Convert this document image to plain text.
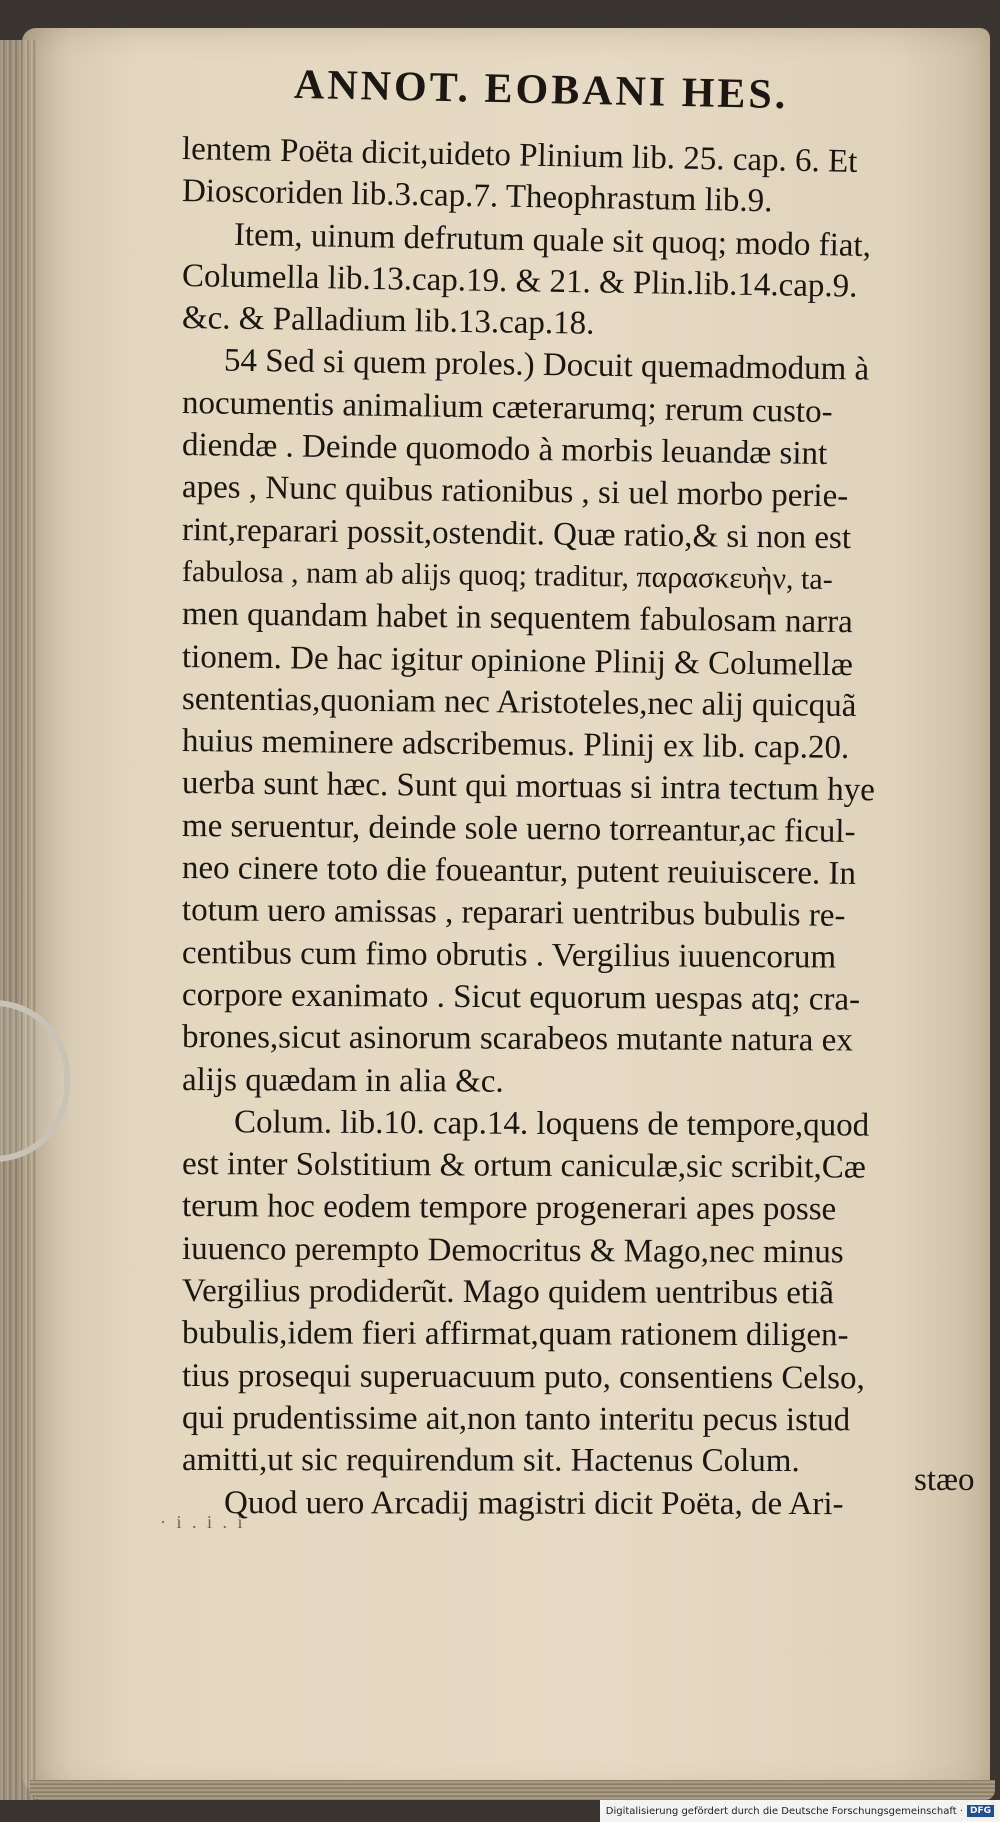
ANNOT. EOBANI HES.
lentem Poëta dicit,uideto Plinium lib. 25. cap. 6. Et
Dioscoriden lib.3.cap.7. Theophrastum lib.9.
Item, uinum defrutum quale sit quoq; modo fiat,
Columella lib.13.cap.19. & 21. & Plin.lib.14.cap.9.
&c. & Palladium lib.13.cap.18.
54 Sed si quem proles.) Docuit quemadmodum à
nocumentis animalium cæterarumq; rerum custo-
diendæ . Deinde quomodo à morbis leuandæ sint
apes , Nunc quibus rationibus , si uel morbo perie-
rint,reparari possit,ostendit. Quæ ratio,& si non est
fabulosa , nam ab alijs quoq; traditur, παρασκευὴν, ta-
men quandam habet in sequentem fabulosam narra
tionem. De hac igitur opinione Plinij & Columellæ
sententias,quoniam nec Aristoteles,nec alij quicquã
huius meminere adscribemus. Plinij ex lib. cap.20.
uerba sunt hæc. Sunt qui mortuas si intra tectum hye
me seruentur, deinde sole uerno torreantur,ac ficul-
neo cinere toto die foueantur, putent reuiuiscere. In
totum uero amissas , reparari uentribus bubulis re-
centibus cum fimo obrutis . Vergilius iuuencorum
corpore exanimato . Sicut equorum uespas atq; cra-
brones,sicut asinorum scarabeos mutante natura ex
alijs quædam in alia &c.
Colum. lib.10. cap.14. loquens de tempore,quod
est inter Solstitium & ortum caniculæ,sic scribit,Cæ
terum hoc eodem tempore progenerari apes posse
iuuenco perempto Democritus & Mago,nec minus
Vergilius prodiderũt. Mago quidem uentribus etiã
bubulis,idem fieri affirmat,quam rationem diligen-
tius prosequi superuacuum puto, consentiens Celso,
qui prudentissime ait,non tanto interitu pecus istud
amitti,ut sic requirendum sit. Hactenus Colum.
Quod uero Arcadij magistri dicit Poëta, de Ari-
stæo
· i . i . i
Digitalisierung gefördert durch die Deutsche Forschungsgemeinschaft · DFG
